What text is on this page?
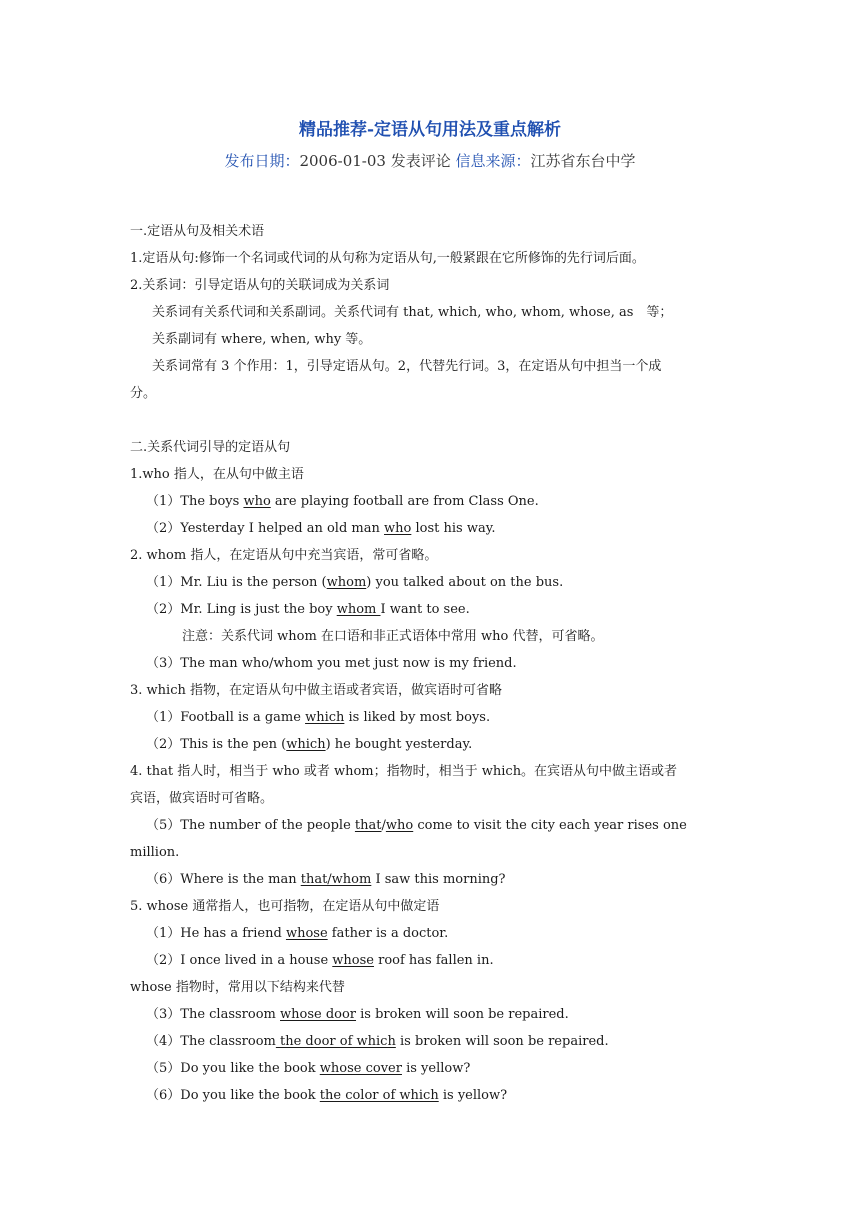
精品推荐-定语从句用法及重点解析
发布日期：2006-01-03 发表评论 信息来源：江苏省东台中学
一.定语从句及相关术语
1.定语从句:修饰一个名词或代词的从句称为定语从句,一般紧跟在它所修饰的先行词后面。
2.关系词：引导定语从句的关联词成为关系词
关系词有关系代词和关系副词。关系代词有 that, which, who, whom, whose, as　等；
关系副词有 where, when, why 等。
关系词常有 3 个作用：1，引导定语从句。2，代替先行词。3，在定语从句中担当一个成
分。
二.关系代词引导的定语从句
1.who 指人，在从句中做主语
（1）The boys who are playing football are from Class One.
（2）Yesterday I helped an old man who lost his way.
2. whom 指人，在定语从句中充当宾语，常可省略。
（1）Mr. Liu is the person (whom) you talked about on the bus.
（2）Mr. Ling is just the boy whom I want to see.
注意：关系代词 whom 在口语和非正式语体中常用 who 代替，可省略。
（3）The man who/whom you met just now is my friend.
3. which 指物，在定语从句中做主语或者宾语，做宾语时可省略
（1）Football is a game which is liked by most boys.
（2）This is the pen (which) he bought yesterday.
4. that 指人时，相当于 who 或者 whom；指物时，相当于 which。在宾语从句中做主语或者
宾语，做宾语时可省略。
（5）The number of the people that/who come to visit the city each year rises one
million.
（6）Where is the man that/whom I saw this morning?
5. whose 通常指人，也可指物，在定语从句中做定语
（1）He has a friend whose father is a doctor.
（2）I once lived in a house whose roof has fallen in.
whose 指物时，常用以下结构来代替
（3）The classroom whose door is broken will soon be repaired.
（4）The classroom the door of which is broken will soon be repaired.
（5）Do you like the book whose cover is yellow?
（6）Do you like the book the color of which is yellow?
